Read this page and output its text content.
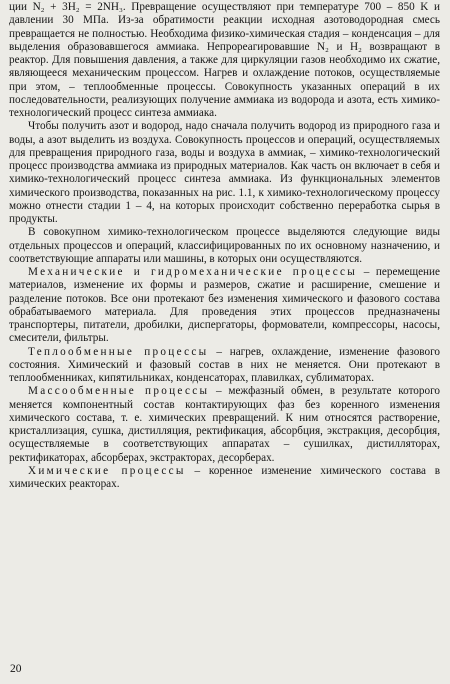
ции N₂ + 3H₂ = 2NH₃. Превращение осуществляют при температуре 700 – 850 K и давлении 30 МПа. Из-за обратимости реакции исходная азотоводородная смесь превращается не полностью. Необходима физико-химическая стадия – конденсация – для выделения образовавшегося аммиака. Непрореагировавшие N₂ и H₂ возвращают в реактор. Для повышения давления, а также для циркуляции газов необходимо их сжатие, являющееся механическим процессом. Нагрев и охлаждение потоков, осуществляемые при этом, – теплообменные процессы. Совокупность указанных операций в их последовательности, реализующих получение аммиака из водорода и азота, есть химико-технологический процесс синтеза аммиака.

Чтобы получить азот и водород, надо сначала получить водород из природного газа и воды, а азот выделить из воздуха. Совокупность процессов и операций, осуществляемых для превращения природного газа, воды и воздуха в аммиак, – химико-технологический процесс производства аммиака из природных материалов. Как часть он включает в себя и химико-технологический процесс синтеза аммиака. Из функциональных элементов химического производства, показанных на рис. 1.1, к химико-технологическому процессу можно отнести стадии 1 – 4, на которых происходит собственно переработка сырья в продукты.

В совокупном химико-технологическом процессе выделяются следующие виды отдельных процессов и операций, классифицированных по их основному назначению, и соответствующие аппараты или машины, в которых они осуществляются.

Механические и гидромеханические процессы – перемещение материалов, изменение их формы и размеров, сжатие и расширение, смешение и разделение потоков. Все они протекают без изменения химического и фазового состава обрабатываемого материала. Для проведения этих процессов предназначены транспортеры, питатели, дробилки, диспергаторы, формователи, компрессоры, насосы, смесители, фильтры.

Теплообменные процессы – нагрев, охлаждение, изменение фазового состояния. Химический и фазовый состав в них не меняется. Они протекают в теплообменниках, кипятильниках, конденсаторах, плавилках, сублиматорах.

Массообменные процессы – межфазный обмен, в результате которого меняется компонентный состав контактирующих фаз без коренного изменения химического состава, т. е. химических превращений. К ним относятся растворение, кристаллизация, сушка, дистилляция, ректификация, абсорбция, экстракция, десорбция, осуществляемые в соответствующих аппаратах – сушилках, дистилляторах, ректификаторах, абсорберах, экстракторах, десорберах.

Химические процессы – коренное изменение химического состава в химических реакторах.

20
